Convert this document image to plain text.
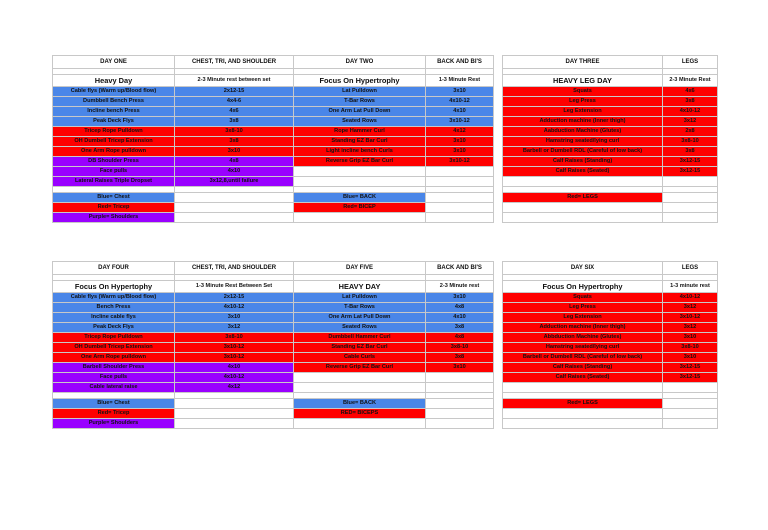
DAY ONE	CHEST, TRI, AND SHOULDER

Heavy Day	2-3 Minute rest between set
Cable flys (Warm up/Blood flow)	2x12-15
Dumbbell Bench Press	4x4-6
Incline bench Press	4x6
Peak Deck Flys	3x8
Tricep Rope Pulldown	3x8-10
OH Dumbell Tricep Extension	3x8
One Arm Rope pulldown	3x10
DB Shoulder Press	4x8
Face pulls	4x10
Lateral Raises Triple Dropset	3x12,8,until failure

Blue= Chest	
Red= Tricep	
Purple= Shoulders	
DAY TWO	BACK AND BI'S

Focus On Hypertrophy	1-3 Minute Rest
Lat Pulldown	3x10
T-Bar Rows	4x10-12
One Arm Lat Pull Down	4x10
Seated Rows	3x10-12
Rope Hammer Curl	4x12
Standing EZ Bar Curl	3x10
Light incline bench Curls	3x10
Reverse Grip EZ Bar Curl	3x10-12

Blue= BACK	
Red= BICEP	

DAY THREE	LEGS

HEAVY LEG DAY	2-3 Minute Rest
Squats	4x6
Leg Press	3x8
Leg Extension	4x10-12
Adduction machine (Inner thigh)	3x12
Aabduction Machine (Glutes)	2x8
Hamstring seated/lying curl	3x8-10
Barbell or Dumbell RDL (Careful of low back)	3x8
Calf Raises (Standing)	3x12-15
Calf Raises (Seated)	3x12-15

Red= LEGS	

DAY FOUR	CHEST, TRI, AND SHOULDER

Focus On Hypertophy	1-3 Minute Rest Between Set
Cable flys (Warm up/Blood flow)	2x12-15
Bench Press	4x10-12
Incline cable flys	3x10
Peak Deck Flys	3x12
Tricep Rope Pulldown	3x8-10
OH Dumbell Tricep Extension	3x10-12
One Arm Rope pulldown	3x10-12
Barbell Shoulder Press	4x10
Face pulls	4x10-12
Cable lateral raise	4x12

Blue= Chest	
Red= Tricep	
Purple= Shoulders	
DAY FIVE	BACK AND BI'S

HEAVY DAY	2-3 Minute rest
Lat Pulldown	3x10
T-Bar Rows	4x8
One Arm Lat Pull Down	4x10
Seated Rows	3x8
Dumbbell Hammer Curl	4x8
Standing EZ Bar Curl	3x8-10
Cable Curls	3x8
Reverse Grip EZ Bar Curl	3x10

Blue= BACK	
RED= BICEPS	

DAY SIX	LEGS

Focus On Hypertrophy	1-3 minute rest
Squats	4x10-12
Leg Press	3x12
Leg Extension	3x10-12
Adduction machine (Inner thigh)	3x12
Abbduction Machine (Glutes)	3x10
Hamstring seated/lying curl	3x8-10
Barbell or Dumbell RDL (Careful of low back)	3x10
Calf Raises (Standing)	3x12-15
Calf Raises (Seated)	3x12-15

Red= LEGS	
